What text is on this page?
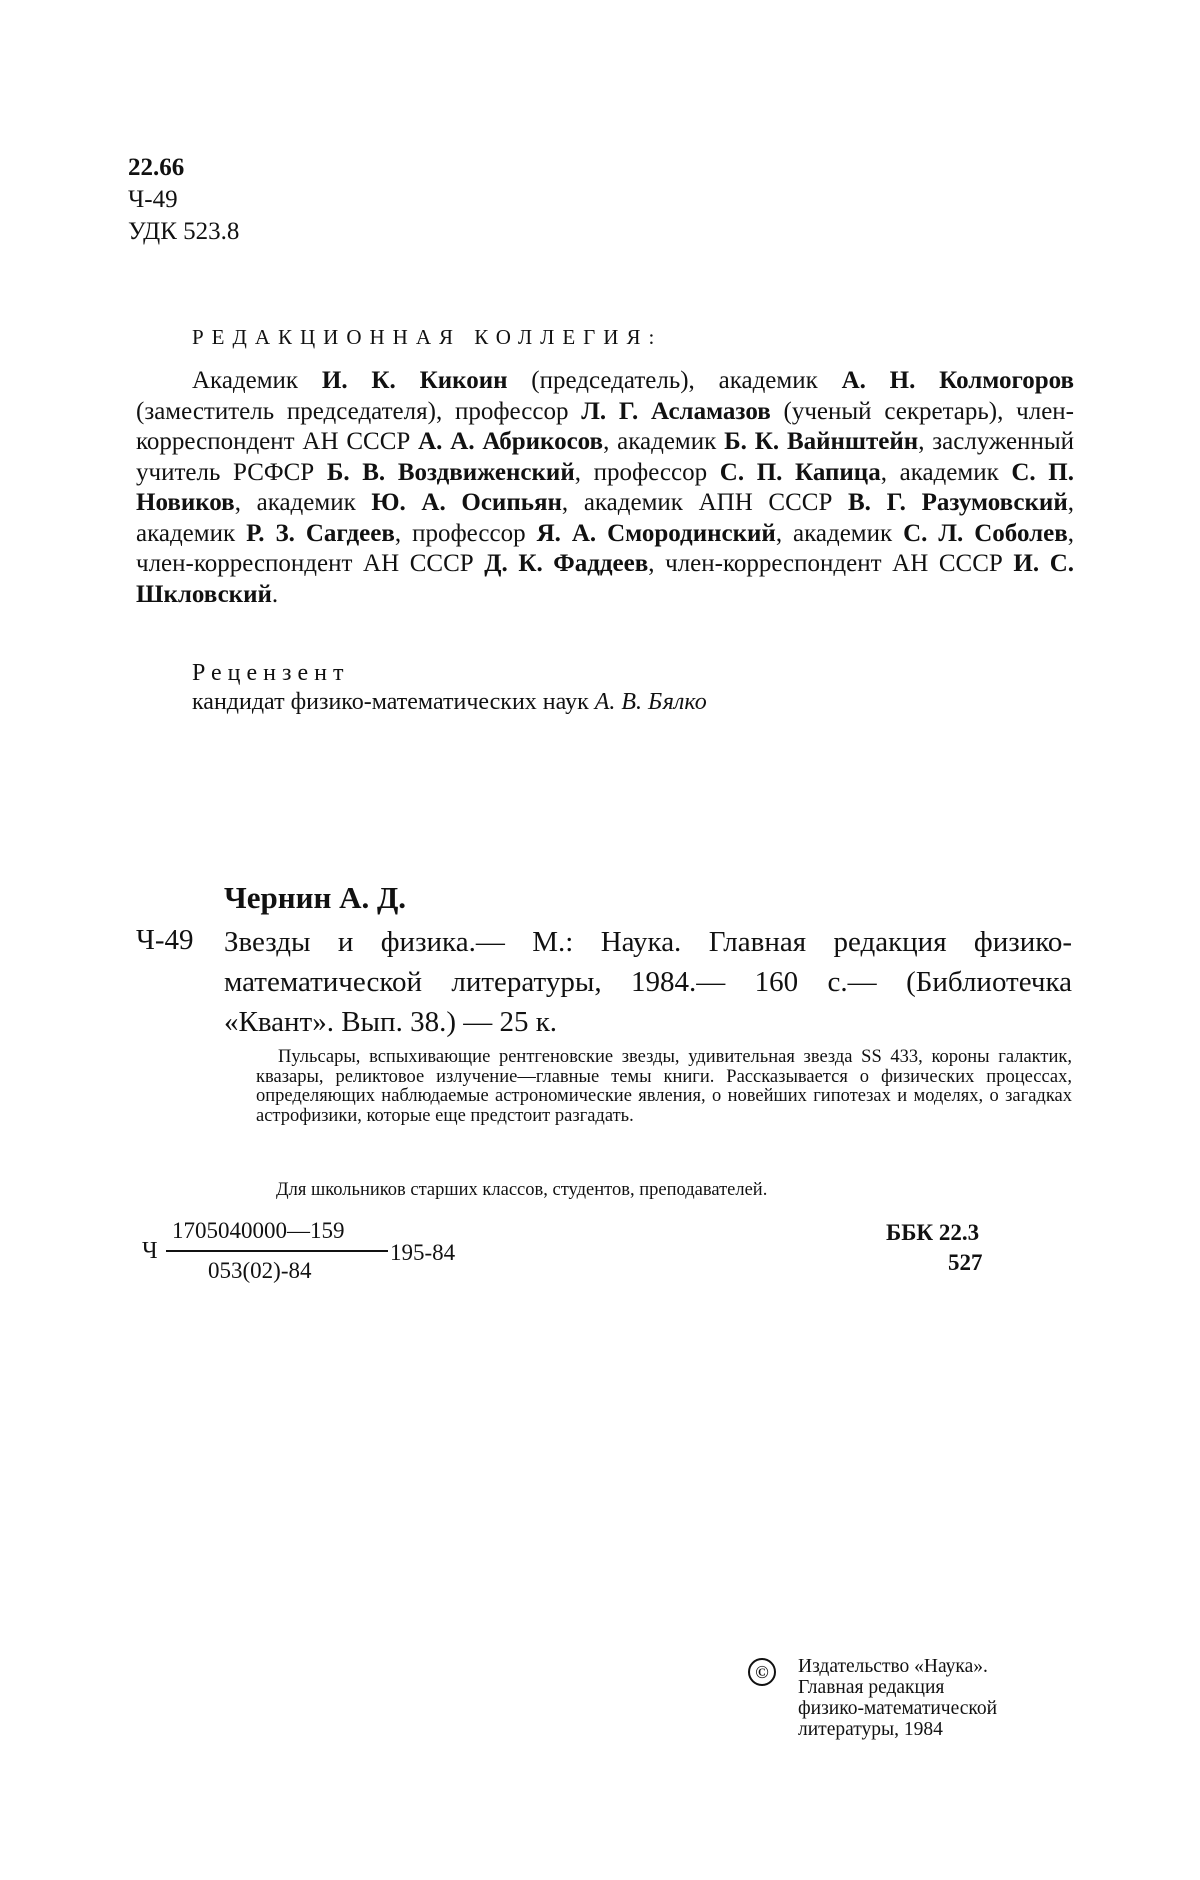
22.66
Ч-49
УДК 523.8
РЕДАКЦИОННАЯ КОЛЛЕГИЯ:
Академик И. К. Кикоин (председатель), академик А. Н. Колмогоров (заместитель председателя), профессор Л. Г. Асламазов (ученый секретарь), член-корреспондент АН СССР А. А. Абрикосов, академик Б. К. Вайнштейн, заслуженный учитель РСФСР Б. В. Воздвиженский, профессор С. П. Капица, академик С. П. Новиков, академик Ю. А. Осипьян, академик АПН СССР В. Г. Разумовский, академик Р. З. Сагдеев, профессор Я. А. Смородинский, академик С. Л. Соболев, член-корреспондент АН СССР Д. К. Фаддеев, член-корреспондент АН СССР И. С. Шкловский.
Рецензент
кандидат физико-математических наук А. В. Бялко
Чернин А. Д.
Ч-49 Звезды и физика.— М.: Наука. Главная редакция физико-математической литературы, 1984.— 160 с.— (Библиотечка «Квант». Вып. 38.) — 25 к.
Пульсары, вспыхивающие рентгеновские звезды, удивительная звезда SS 433, короны галактик, квазары, реликтовое излучение—главные темы книги. Рассказывается о физических процессах, определяющих наблюдаемые астрономические явления, о новейших гипотезах и моделях, о загадках астрофизики, которые еще предстоит разгадать.
Для школьников старших классов, студентов, преподавателей.
Ч
1705040000—159
053(02)-84
195-84
ББК 22.3
527
©	Издательство «Наука».
Главная редакция
физико-математической
литературы, 1984
